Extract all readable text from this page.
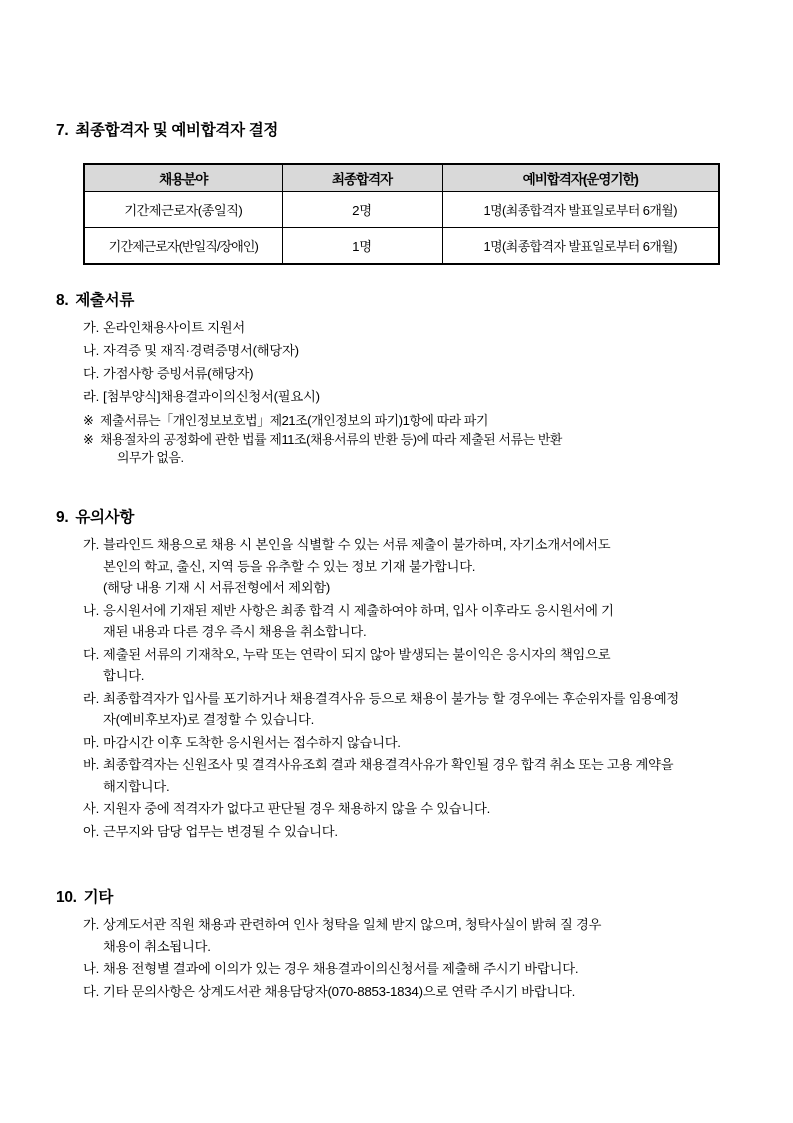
7. 최종합격자 및 예비합격자 결정
채용분야	최종합격자	예비합격자(운영기한)
기간제근로자(종일직)	2명	1명(최종합격자 발표일로부터 6개월)
기간제근로자(반일직/장애인)	1명	1명(최종합격자 발표일로부터 6개월)
8. 제출서류
가. 온라인채용사이트 지원서
나. 자격증 및 재직·경력증명서(해당자)
다. 가점사항 증빙서류(해당자)
라. [첨부양식]채용결과이의신청서(필요시)
※ 제출서류는「개인정보보호법」제21조(개인정보의 파기)1항에 따라 파기
※ 채용절차의 공정화에 관한 법률 제11조(채용서류의 반환 등)에 따라 제출된 서류는 반환
의무가 없음.
9. 유의사항
가. 블라인드 채용으로 채용 시 본인을 식별할 수 있는 서류 제출이 불가하며, 자기소개서에서도
본인의 학교, 출신, 지역 등을 유추할 수 있는 정보 기재 불가합니다.
(해당 내용 기재 시 서류전형에서 제외함)
나. 응시원서에 기재된 제반 사항은 최종 합격 시 제출하여야 하며, 입사 이후라도 응시원서에 기
재된 내용과 다른 경우 즉시 채용을 취소합니다.
다. 제출된 서류의 기재착오, 누락 또는 연락이 되지 않아 발생되는 불이익은 응시자의 책임으로
합니다.
라. 최종합격자가 입사를 포기하거나 채용결격사유 등으로 채용이 불가능 할 경우에는 후순위자를 임용예정
자(예비후보자)로 결정할 수 있습니다.
마. 마감시간 이후 도착한 응시원서는 접수하지 않습니다.
바. 최종합격자는 신원조사 및 결격사유조회 결과 채용결격사유가 확인될 경우 합격 취소 또는 고용 계약을
해지합니다.
사. 지원자 중에 적격자가 없다고 판단될 경우 채용하지 않을 수 있습니다.
아. 근무지와 담당 업무는 변경될 수 있습니다.
10. 기타
가. 상계도서관 직원 채용과 관련하여 인사 청탁을 일체 받지 않으며, 청탁사실이 밝혀 질 경우
채용이 취소됩니다.
나. 채용 전형별 결과에 이의가 있는 경우 채용결과이의신청서를 제출해 주시기 바랍니다.
다. 기타 문의사항은 상계도서관 채용담당자(070-8853-1834)으로 연락 주시기 바랍니다.
